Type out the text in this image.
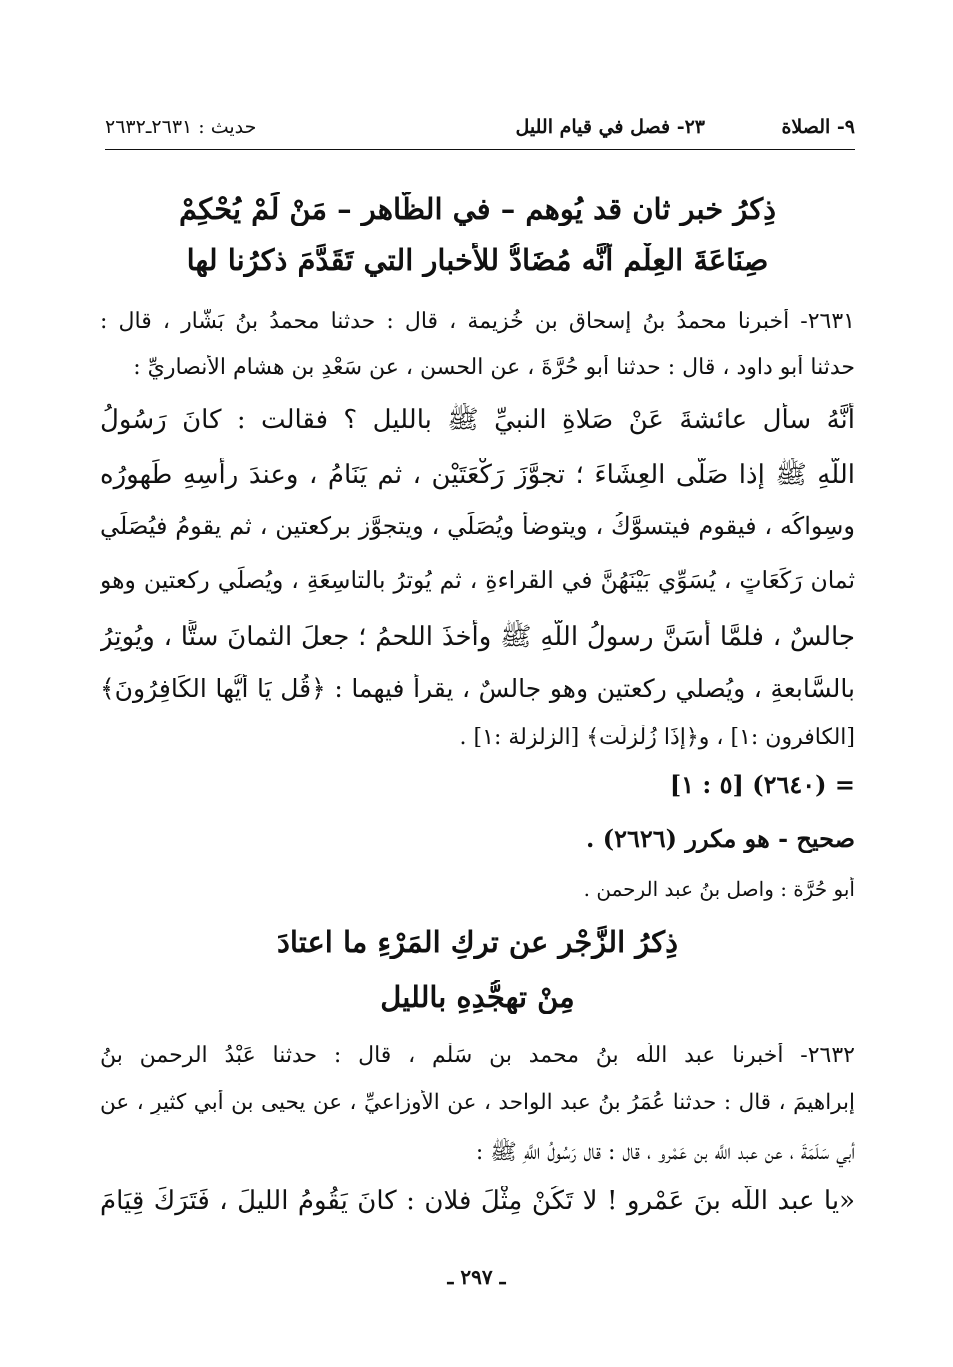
٩- الصلاة
٢٣- فصل في قيام الليل
حديث : ٢٦٣١ـ٢٦٣٢
ذِكرُ خبر ثان قد يُوهم – في الظَّاهر – مَنْ لَمْ يُحْكِمْ
صِنَاعَةَ العِلْمِ أنَّه مُضَادُّ للأخبار التي تَقَدَّمَ ذكرُنا لها
٢٦٣١- أخبرنا محمدُ بنُ إسحاق بن خُزيمة ، قال : حدثنا محمدُ بنُ بَشَّار ، قال :
حدثنا أبو داود ، قال : حدثنا أبو حُرَّةَ ، عن الحسن ، عن سَعْدِ بن هشام الأنصاريِّ :
أنَّهُ سأل عائشةَ عَنْ صَلاةِ النبيِّ ﷺ بالليل ؟ فقالت : كانَ رَسُولُ
اللَّهِ ﷺ إذا صَلَّى العِشَاءَ ؛ تجوَّزَ رَكْعَتَيْن ، ثم يَنَامُ ، وعندَ رأسِهِ طَهورُه
وسِواكُه ، فيقوم فيتسوَّكُ ، ويتوضأ ويُصَلِّي ، ويتجوَّز بركعتين ، ثم يقومُ فيُصَلِّي
ثمان رَكَعَاتٍ ، يُسَوِّي بَيْنَهُنَّ في القراءةِ ، ثم يُوترُ بالتاسِعَةِ ، ويُصلِّي ركعتين وهو
جالسٌ ، فلمَّا أَسَنَّ رسولُ اللَّهِ ﷺ وأخذَ اللحمُ ؛ جعلَ الثمانَ ستًّا ، ويُوتِرُ
بالسَّابعةِ ، ويُصلي ركعتين وهو جالسٌ ، يقرأُ فيهما : ﴿قُل يَا أَيُّها الكَافِرُونَ﴾
[الكافرون :١] ، و﴿إِذَا زُلْزِلَت﴾ [الزلزلة :١] .
= (٢٦٤٠) [٥ : ١]
صحيح - هو مكرر (٢٦٢٦) .
أبو حُرَّة : واصل بنُ عبد الرحمن .
ذِكرُ الزَّجْرِ عن تركِ المَرْءِ ما اعتادَ
مِنْ تهجُّدِهِ بالليل
٢٦٣٢- أخبرنا عبد اللَّه بنُ محمد بنِ سَلْمٍ ، قال : حدثنا عَبْدُ الرحمن بنُ
إبراهيمَ ، قال : حدثنا عُمَرُ بنُ عبد الواحد ، عن الأوزاعيِّ ، عن يحيى بن أبي كثيرٍ ، عن
أبي سَلَمَةَ ، عن عبد اللَّه بن عَمْرو ، قال : قال رَسُولُ اللَّهِ ﷺ :
«يا عبد اللَّه بنَ عَمْرو ! لا تَكُنْ مِثْلَ فلان : كانَ يَقُومُ الليلَ ، فَتَرَكَ قِيَامَ
ـ ٢٩٧ ـ
